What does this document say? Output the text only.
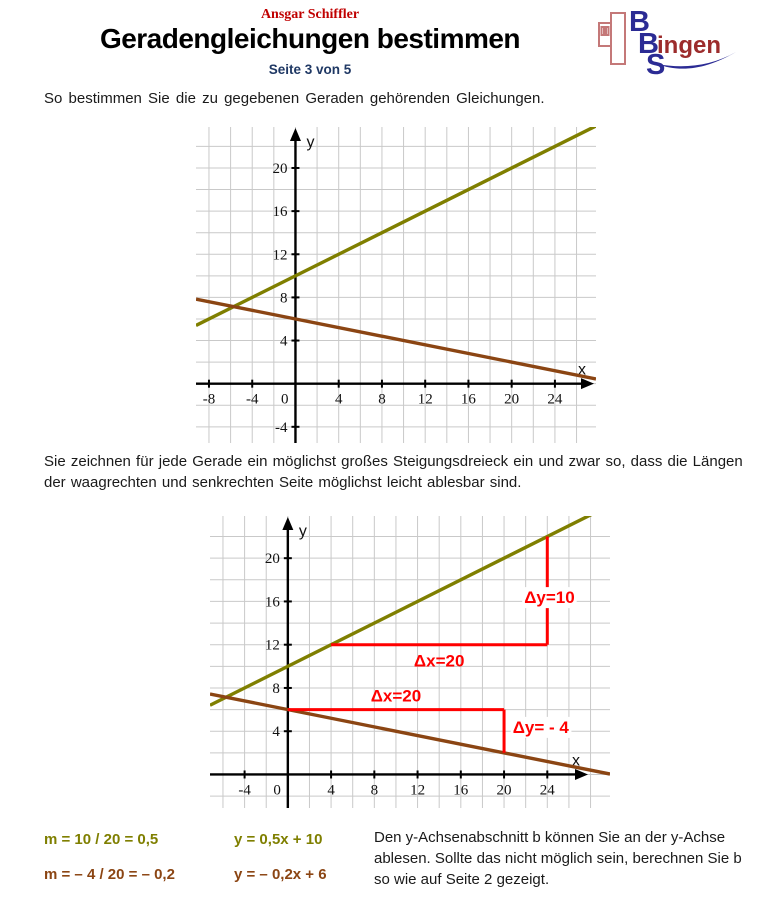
Ansgar Schiffler
Geradengleichungen bestimmen
Seite 3 von 5
B
B
S
ingen

So bestimmen Sie die zu gegebenen Geraden gehörenden Gleichungen.

x
y
-8 -4 0	4 8 12 16 20 24
-4
4
8
12
16
20

Sie zeichnen für jede Gerade ein möglichst großes Steigungsdreieck ein und zwar so, dass die Längen der waagrechten und senkrechten Seite möglichst leicht ablesbar sind.

x
y
-4 0	4 8 12 16 20 24
4
8
12
16
20
Δy=10
Δx=20
Δx=20
Δy= - 4
m = 10 / 20 = 0,5	y = 0,5x + 10
m = – 4 / 20 = – 0,2	y = – 0,2x + 6
Den y-Achsenabschnitt b können Sie an der y-Achse ablesen. Sollte das nicht möglich sein, berechnen Sie b so wie auf Seite 2 gezeigt.
